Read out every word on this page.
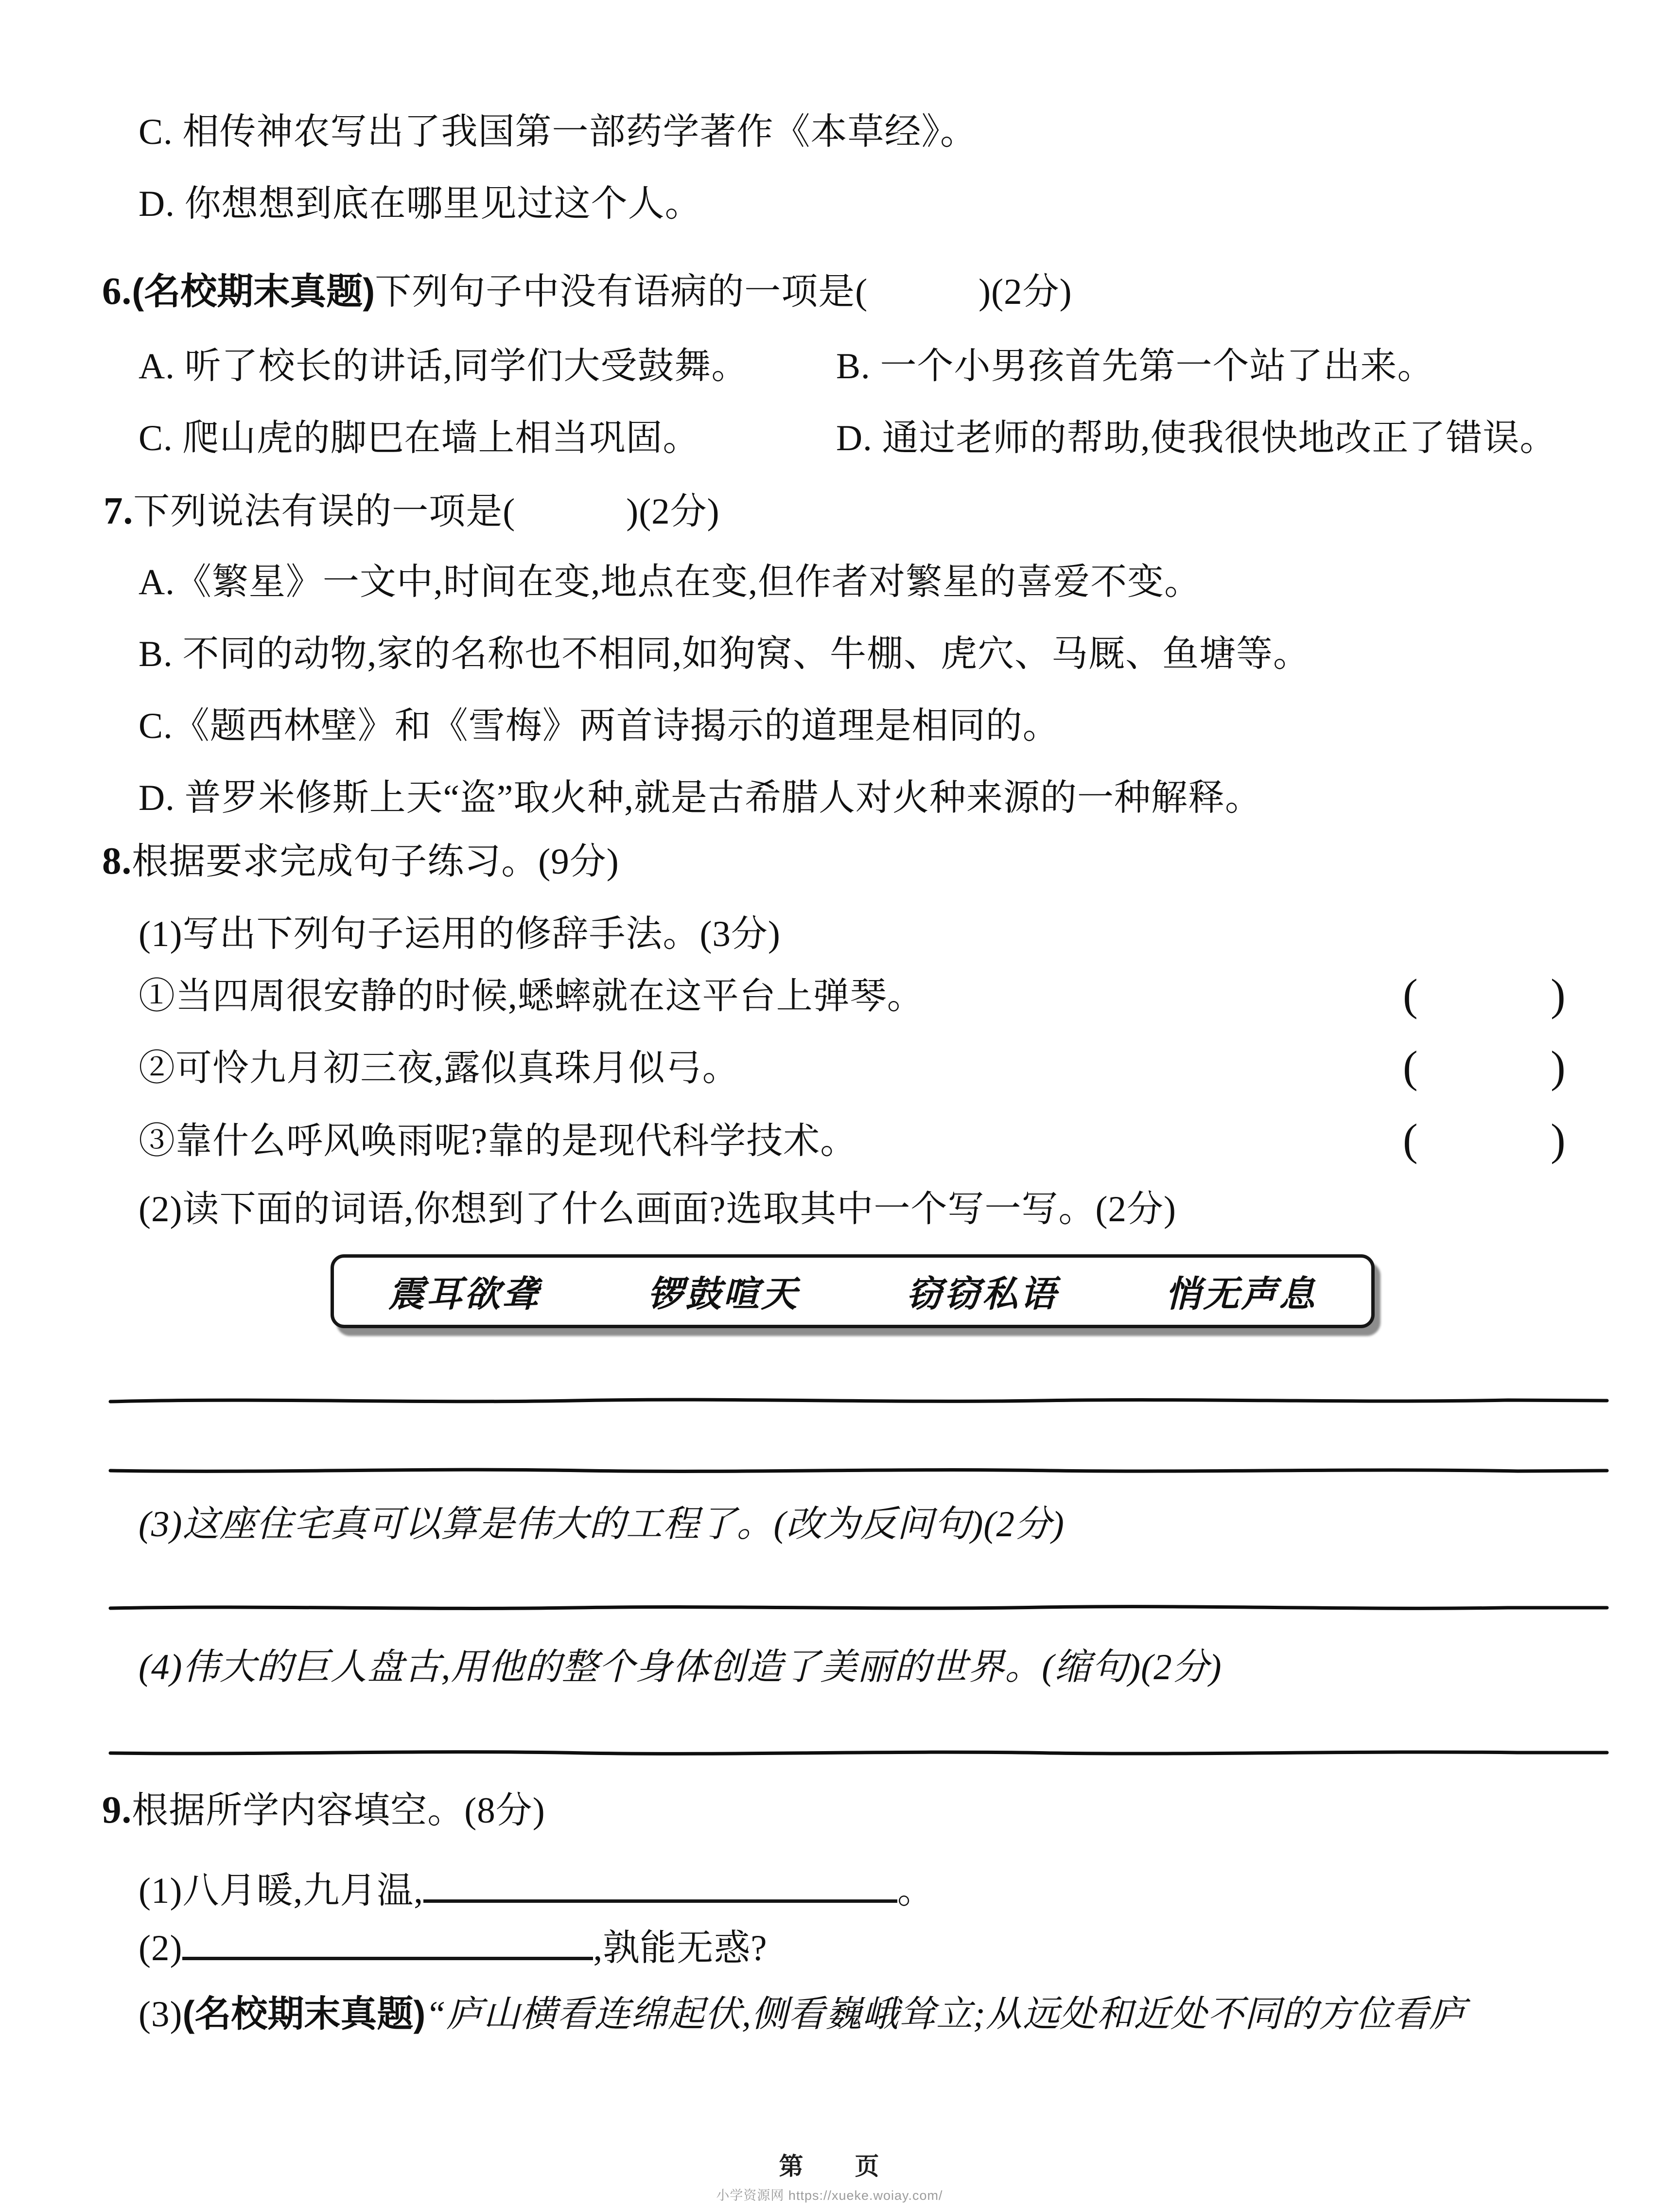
C. 相传神农写出了我国第一部药学著作《本草经》。
D. 你想想到底在哪里见过这个人。
6.(名校期末真题)下列句子中没有语病的一项是(　　　)(2分)
A. 听了校长的讲话,同学们大受鼓舞。 B. 一个小男孩首先第一个站了出来。
C. 爬山虎的脚巴在墙上相当巩固。	D. 通过老师的帮助,使我很快地改正了错误。
7.下列说法有误的一项是(　　　)(2分)
A.《繁星》一文中,时间在变,地点在变,但作者对繁星的喜爱不变。
B. 不同的动物,家的名称也不相同,如狗窝、牛棚、虎穴、马厩、鱼塘等。
C.《题西林壁》和《雪梅》两首诗揭示的道理是相同的。
D. 普罗米修斯上天“盗”取火种,就是古希腊人对火种来源的一种解释。
8.根据要求完成句子练习。(9分)
(1)写出下列句子运用的修辞手法。(3分)
①当四周很安静的时候,蟋蟀就在这平台上弹琴。	(	)
②可怜九月初三夜,露似真珠月似弓。	(	)
③靠什么呼风唤雨呢?靠的是现代科学技术。	(	)
(2)读下面的词语,你想到了什么画面?选取其中一个写一写。(2分)
震耳欲聋	锣鼓喧天	窃窃私语	悄无声息
(3)这座住宅真可以算是伟大的工程了。(改为反问句)(2分)
(4)伟大的巨人盘古,用他的整个身体创造了美丽的世界。(缩句)(2分)
9.根据所学内容填空。(8分)
(1)八月暖,九月温,	。
(2)	,孰能无惑?
(3)(名校期末真题)“庐山横看连绵起伏,侧看巍峨耸立;从远处和近处不同的方位看庐
第　　页
小学资源网 https://xueke.woiay.com/
